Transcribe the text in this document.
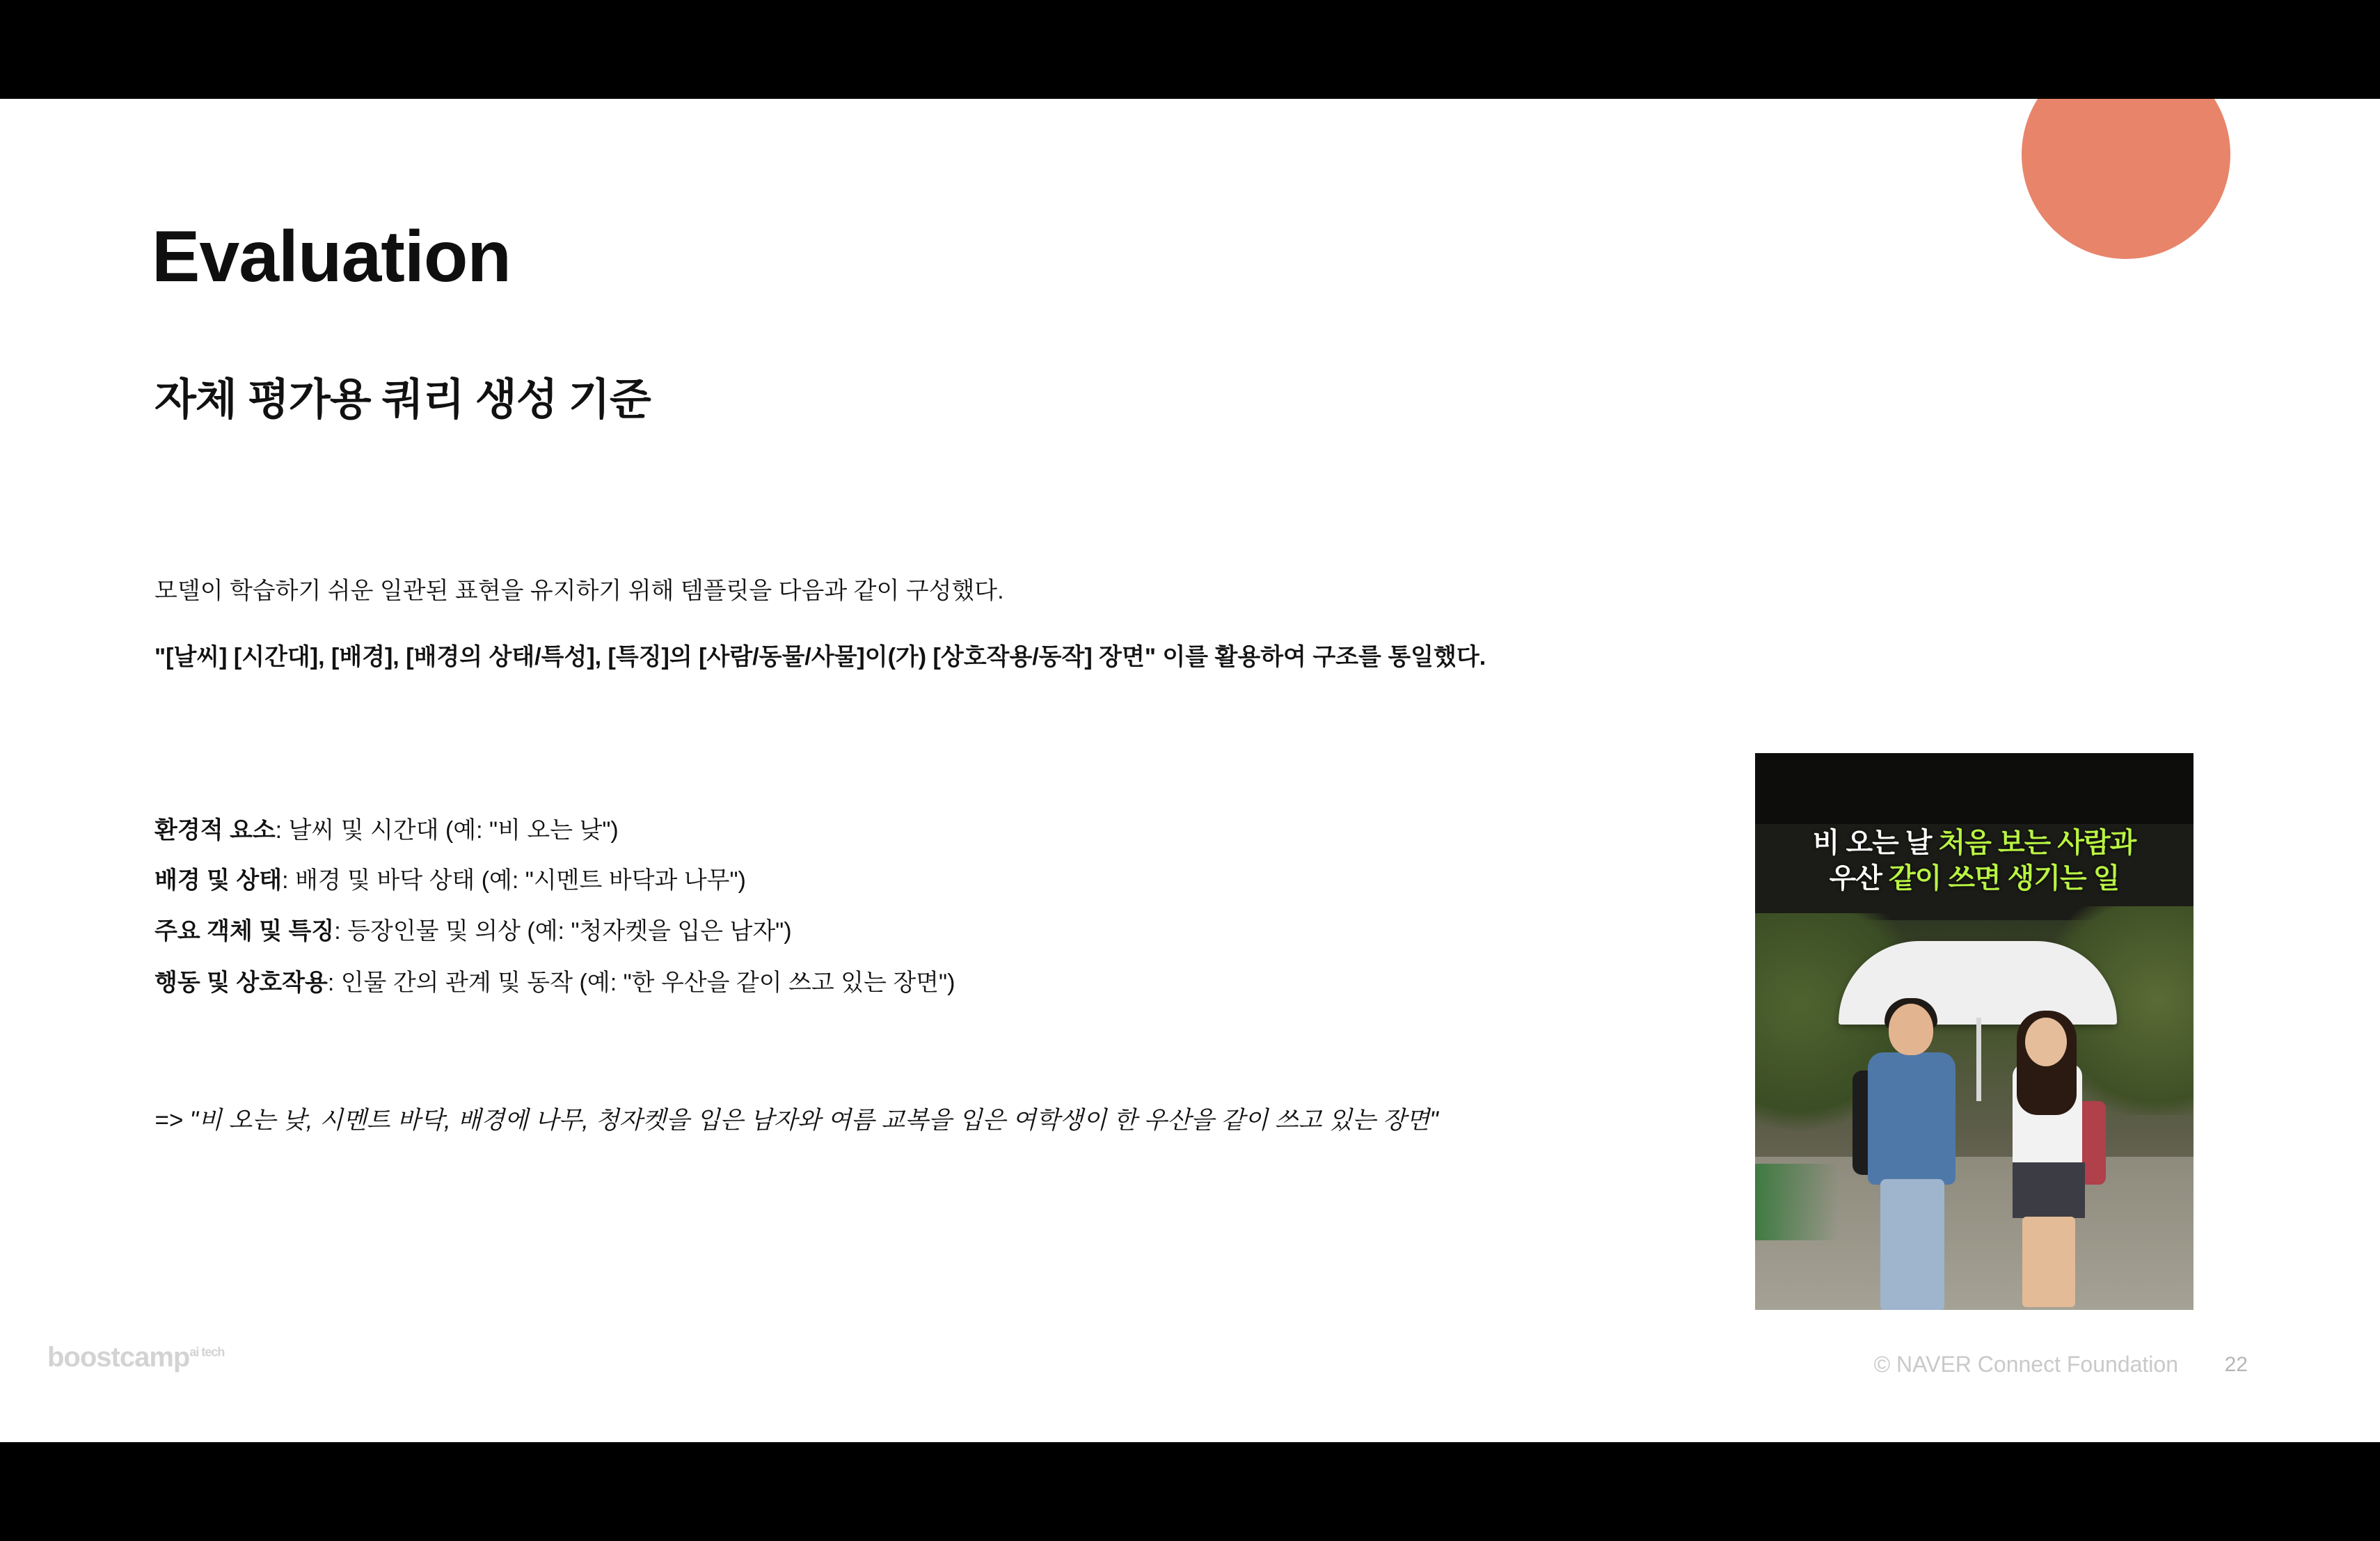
Evaluation
자체 평가용 쿼리 생성 기준
모델이 학습하기 쉬운 일관된 표현을 유지하기 위해 템플릿을 다음과 같이 구성했다.
"[날씨] [시간대], [배경], [배경의 상태/특성], [특징]의 [사람/동물/사물]이(가) [상호작용/동작] 장면" 이를 활용하여 구조를 통일했다.
환경적 요소: 날씨 및 시간대 (예: "비 오는 낮")
배경 및 상태: 배경 및 바닥 상태 (예: "시멘트 바닥과 나무")
주요 객체 및 특징: 등장인물 및 의상 (예: "청자켓을 입은 남자")
행동 및 상호작용: 인물 간의 관계 및 동작 (예: "한 우산을 같이 쓰고 있는 장면")
=> "비 오는 낮, 시멘트 바닥, 배경에 나무, 청자켓을 입은 남자와 여름 교복을 입은 여학생이 한 우산을 같이 쓰고 있는 장면"
비 오는 날 처음 보는 사람과
우산 같이 쓰면 생기는 일
boostcamp$^{ai tech}$	© NAVER Connect Foundation 22
